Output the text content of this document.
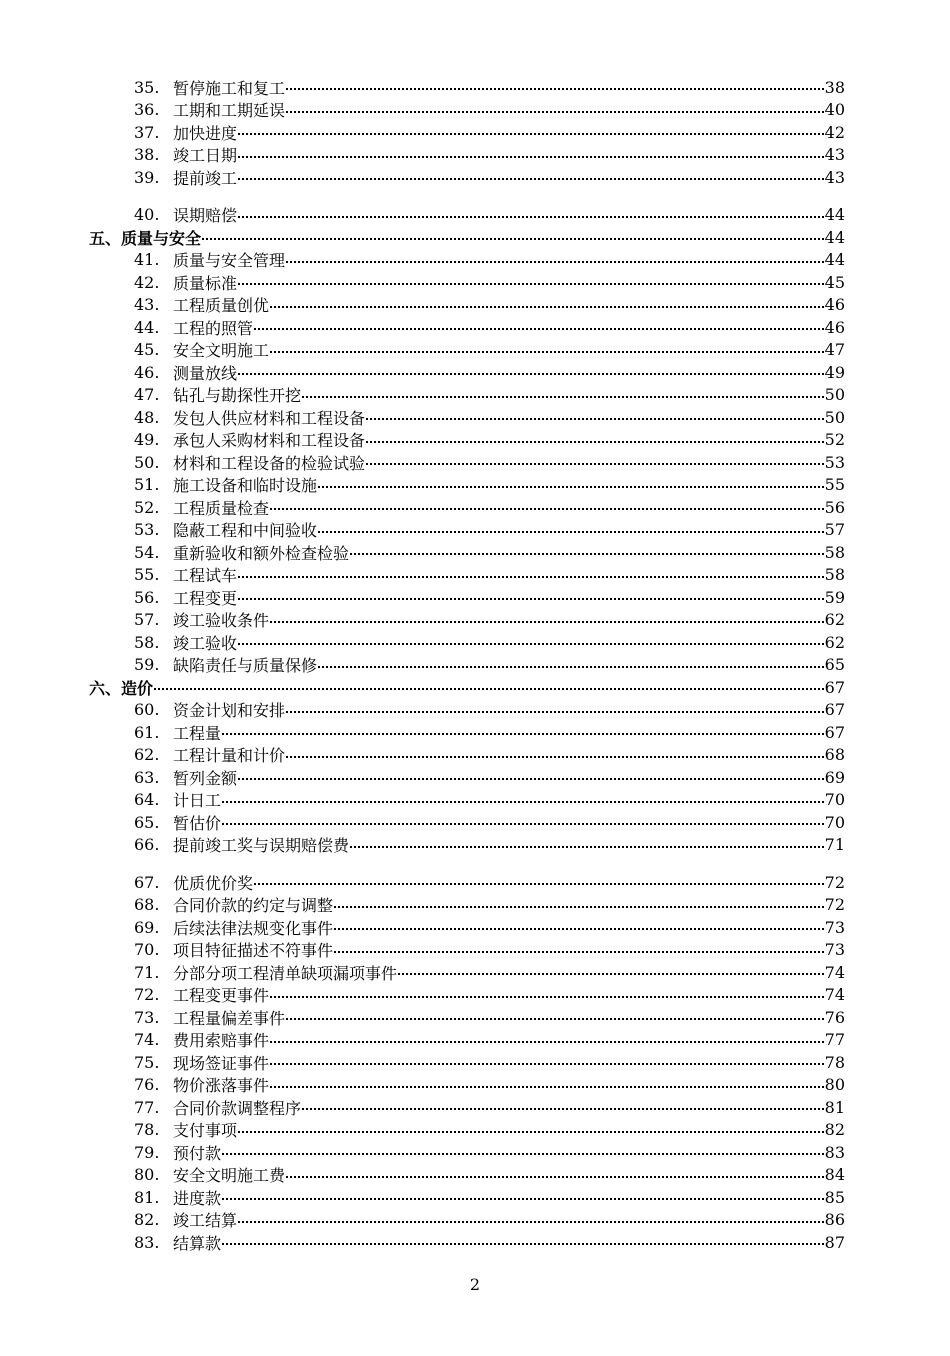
35. 暂停施工和复工	38
36. 工期和工期延误	40
37. 加快进度	42
38. 竣工日期	43
39. 提前竣工	43
40. 误期赔偿	44
五、质量与安全	44
41. 质量与安全管理	44
42. 质量标准	45
43. 工程质量创优	46
44. 工程的照管	46
45. 安全文明施工	47
46. 测量放线	49
47. 钻孔与勘探性开挖	50
48. 发包人供应材料和工程设备	50
49. 承包人采购材料和工程设备	52
50. 材料和工程设备的检验试验	53
51. 施工设备和临时设施	55
52. 工程质量检查	56
53. 隐蔽工程和中间验收	57
54. 重新验收和额外检查检验	58
55. 工程试车	58
56. 工程变更	59
57. 竣工验收条件	62
58. 竣工验收	62
59. 缺陷责任与质量保修	65
六、造价	67
60. 资金计划和安排	67
61. 工程量	67
62. 工程计量和计价	68
63. 暂列金额	69
64. 计日工	70
65. 暂估价	70
66. 提前竣工奖与误期赔偿费	71
67. 优质优价奖	72
68. 合同价款的约定与调整	72
69. 后续法律法规变化事件	73
70. 项目特征描述不符事件	73
71. 分部分项工程清单缺项漏项事件	74
72. 工程变更事件	74
73. 工程量偏差事件	76
74. 费用索赔事件	77
75. 现场签证事件	78
76. 物价涨落事件	80
77. 合同价款调整程序	81
78. 支付事项	82
79. 预付款	83
80. 安全文明施工费	84
81. 进度款	85
82. 竣工结算	86
83. 结算款	87
2
